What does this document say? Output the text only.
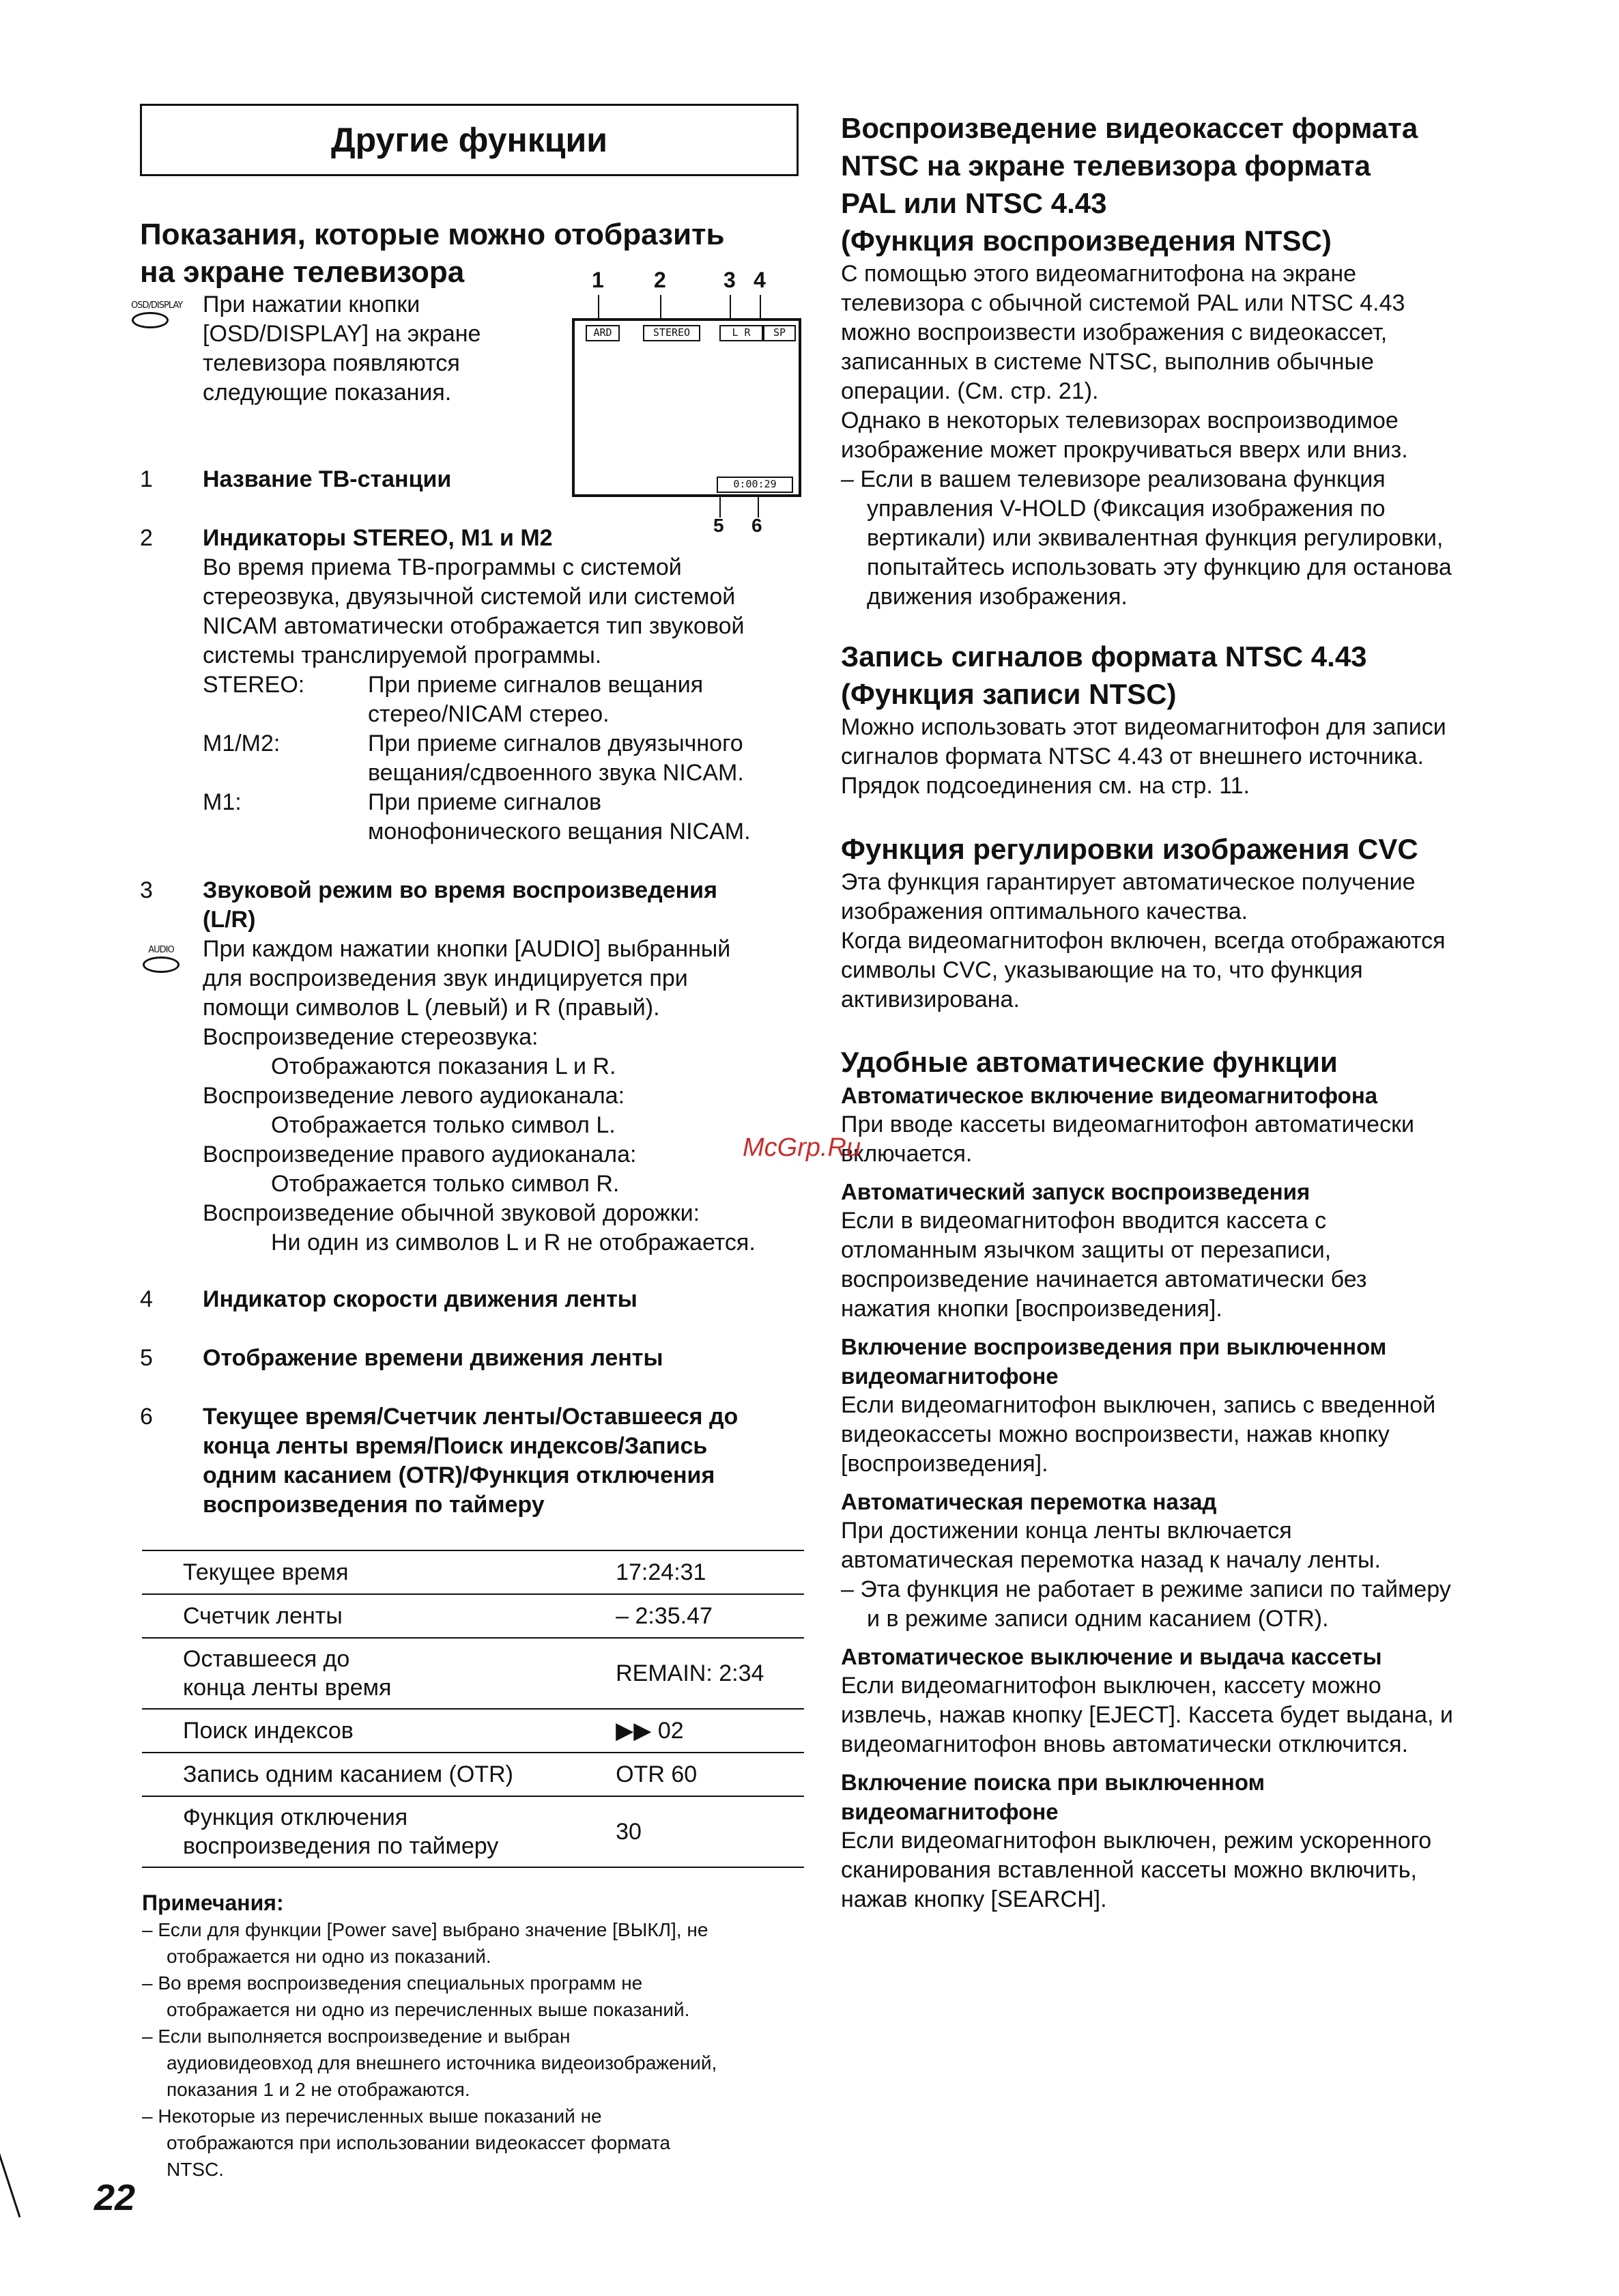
Другие функции
Показания, которые можно отобразить
на экране телевизора
OSD/DISPLAY При нажатии кнопки
[OSD/DISPLAY] на экране
телевизора появляются
следующие показания.
1 2	3 4
ARD	STEREO	L R	SP
0:00:29
5 6
1 Название ТВ-станции
2 Индикаторы STEREO, M1 и M2
Во время приема ТВ-программы с системой
стереозвука, двуязычной системой или системой
NICAM автоматически отображается тип звуковой
системы транслируемой программы.
STEREO:	При приеме сигналов вещания
стерео/NICAM стерео.
M1/M2:	При приеме сигналов двуязычного
вещания/сдвоенного звука NICAM.
M1:	При приеме сигналов
монофонического вещания NICAM.
3 Звуковой режим во время воспроизведения
(L/R)
При каждом нажатии кнопки [AUDIO] выбранный
для воспроизведения звук индицируется при
помощи символов L (левый) и R (правый).
Воспроизведение стереозвука:
Отображаются показания L и R.
Воспроизведение левого аудиоканала:
Отображается только символ L.
Воспроизведение правого аудиоканала:
Отображается только символ R.
Воспроизведение обычной звуковой дорожки:
Ни один из символов L и R не отображается.
AUDIO
4 Индикатор скорости движения ленты
5 Отображение времени движения ленты
6 Текущее время/Счетчик ленты/Оставшееся до
конца ленты время/Поиск индексов/Запись
одним касанием (OTR)/Функция отключения
воспроизведения по таймеру
Текущее время	17:24:31

Счетчик ленты	– 2:35.47

Оставшееся до
конца ленты время	REMAIN: 2:34

Поиск индексов	▶▶ 02

Запись одним касанием (OTR)	OTR 60

Функция отключения
воспроизведения по таймеру	30
Примечания:
– Если для функции [Power save] выбрано значение [ВЫКЛ], не
отображается ни одно из показаний.
– Во время воспроизведения специальных программ не
отображается ни одно из перечисленных выше показаний.
– Если выполняется воспроизведение и выбран
аудиовидеовход для внешнего источника видеоизображений,
показания 1 и 2 не отображаются.
– Некоторые из перечисленных выше показаний не
отображаются при использовании видеокассет формата
NTSC.
22
Воспроизведение видеокассет формата
NTSC на экране телевизора формата
PAL или NTSC 4.43
(Функция воспроизведения NTSC)
С помощью этого видеомагнитофона на экране
телевизора с обычной системой PAL или NTSC 4.43
можно воспроизвести изображения с видеокассет,
записанных в системе NTSC, выполнив обычные
операции. (См. стр. 21).
Однако в некоторых телевизорах воспроизводимое
изображение может прокручиваться вверх или вниз.
– Если в вашем телевизоре реализована функция
управления V-HOLD (Фиксация изображения по
вертикали) или эквивалентная функция регулировки,
попытайтесь использовать эту функцию для останова
движения изображения.
Запись сигналов формата NTSC 4.43
(Функция записи NTSC)
Можно использовать этот видеомагнитофон для записи
сигналов формата NTSC 4.43 от внешнего источника.
Прядок подсоединения см. на стр. 11.
Функция регулировки изображения CVC
Эта функция гарантирует автоматическое получение
изображения оптимального качества.
Когда видеомагнитофон включен, всегда отображаются
символы CVC, указывающие на то, что функция
активизирована.
Удобные автоматические функции
Автоматическое включение видеомагнитофона
При вводе кассеты видеомагнитофон автоматически
включается.
Автоматический запуск воспроизведения
Если в видеомагнитофон вводится кассета с
отломанным язычком защиты от перезаписи,
воспроизведение начинается автоматически без
нажатия кнопки [воспроизведения].
Включение воспроизведения при выключенном
видеомагнитофоне
Если видеомагнитофон выключен, запись с введенной
видеокассеты можно воспроизвести, нажав кнопку
[воспроизведения].
Автоматическая перемотка назад
При достижении конца ленты включается
автоматическая перемотка назад к началу ленты.
– Эта функция не работает в режиме записи по таймеру
и в режиме записи одним касанием (OTR).
Автоматическое выключение и выдача кассеты
Если видеомагнитофон выключен, кассету можно
извлечь, нажав кнопку [EJECT]. Кассета будет выдана, и
видеомагнитофон вновь автоматически отключится.
Включение поиска при выключенном
видеомагнитофоне
Если видеомагнитофон выключен, режим ускоренного
сканирования вставленной кассеты можно включить,
нажав кнопку [SEARCH].
McGrp.Ru
